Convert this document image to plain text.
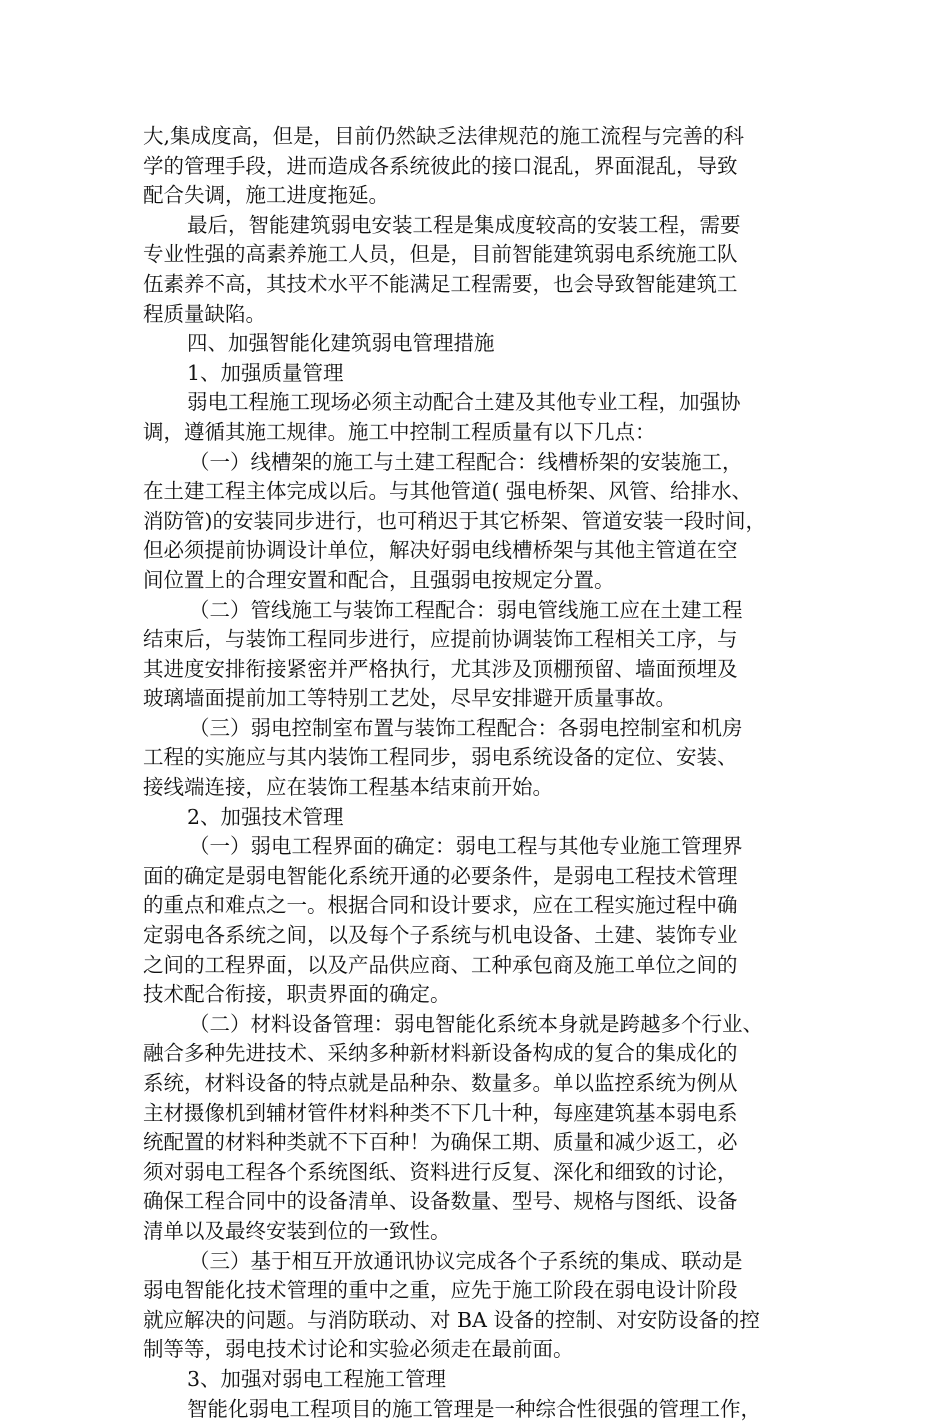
大,集成度高，但是，目前仍然缺乏法律规范的施工流程与完善的科
学的管理手段，进而造成各系统彼此的接口混乱，界面混乱，导致
配合失调，施工进度拖延。
最后，智能建筑弱电安装工程是集成度较高的安装工程，需要
专业性强的高素养施工人员，但是，目前智能建筑弱电系统施工队
伍素养不高，其技术水平不能满足工程需要，也会导致智能建筑工
程质量缺陷。
四、加强智能化建筑弱电管理措施
1、加强质量管理
弱电工程施工现场必须主动配合土建及其他专业工程，加强协
调，遵循其施工规律。施工中控制工程质量有以下几点：
（一）线槽架的施工与土建工程配合：线槽桥架的安装施工，
在土建工程主体完成以后。与其他管道( 强电桥架、风管、给排水、
消防管)的安装同步进行，也可稍迟于其它桥架、管道安装一段时间，
但必须提前协调设计单位，解决好弱电线槽桥架与其他主管道在空
间位置上的合理安置和配合，且强弱电按规定分置。
（二）管线施工与装饰工程配合：弱电管线施工应在土建工程
结束后，与装饰工程同步进行，应提前协调装饰工程相关工序，与
其进度安排衔接紧密并严格执行，尤其涉及顶棚预留、墙面预埋及
玻璃墙面提前加工等特别工艺处，尽早安排避开质量事故。
（三）弱电控制室布置与装饰工程配合：各弱电控制室和机房
工程的实施应与其内装饰工程同步，弱电系统设备的定位、安装、
接线端连接，应在装饰工程基本结束前开始。
2、加强技术管理
（一）弱电工程界面的确定：弱电工程与其他专业施工管理界
面的确定是弱电智能化系统开通的必要条件，是弱电工程技术管理
的重点和难点之一。根据合同和设计要求，应在工程实施过程中确
定弱电各系统之间，以及每个子系统与机电设备、土建、装饰专业
之间的工程界面，以及产品供应商、工种承包商及施工单位之间的
技术配合衔接，职责界面的确定。
（二）材料设备管理：弱电智能化系统本身就是跨越多个行业、
融合多种先进技术、采纳多种新材料新设备构成的复合的集成化的
系统，材料设备的特点就是品种杂、数量多。单以监控系统为例从
主材摄像机到辅材管件材料种类不下几十种，每座建筑基本弱电系
统配置的材料种类就不下百种！为确保工期、质量和减少返工，必
须对弱电工程各个系统图纸、资料进行反复、深化和细致的讨论，
确保工程合同中的设备清单、设备数量、型号、规格与图纸、设备
清单以及最终安装到位的一致性。
（三）基于相互开放通讯协议完成各个子系统的集成、联动是
弱电智能化技术管理的重中之重，应先于施工阶段在弱电设计阶段
就应解决的问题。与消防联动、对 BA 设备的控制、对安防设备的控
制等等，弱电技术讨论和实验必须走在最前面。
3、加强对弱电工程施工管理
智能化弱电工程项目的施工管理是一种综合性很强的管理工作，
